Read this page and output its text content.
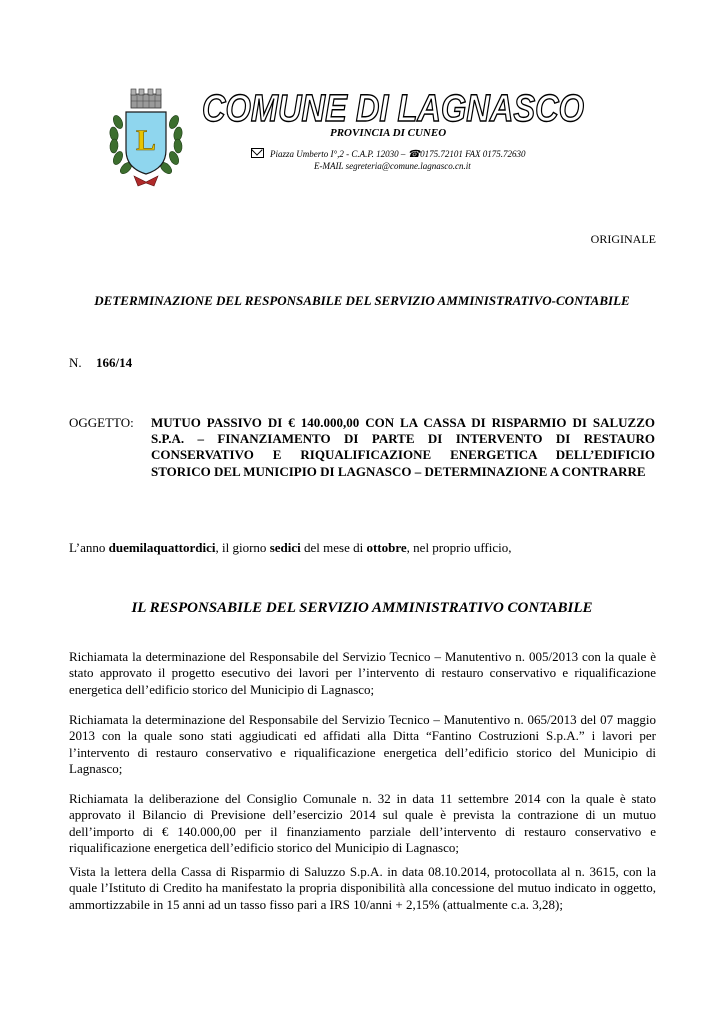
L
COMUNE DI LAGNASCO
PROVINCIA DI CUNEO
Piazza Umberto I°,2 - C.A.P. 12030 – ☎0175.72101 FAX 0175.72630
E-MAIL segreteria@comune.lagnasco.cn.it
ORIGINALE
DETERMINAZIONE DEL RESPONSABILE DEL SERVIZIO AMMINISTRATIVO-CONTABILE
N. 166/14
OGGETTO: MUTUO PASSIVO DI € 140.000,00 CON LA CASSA DI RISPARMIO DI SALUZZO S.P.A. – FINANZIAMENTO DI PARTE DI INTERVENTO DI RESTAURO CONSERVATIVO E RIQUALIFICAZIONE ENERGETICA DELL’EDIFICIO STORICO DEL MUNICIPIO DI LAGNASCO – DETERMINAZIONE A CONTRARRE
L’anno duemilaquattordici, il giorno sedici del mese di ottobre, nel proprio ufficio,
IL RESPONSABILE DEL SERVIZIO AMMINISTRATIVO CONTABILE
Richiamata la determinazione del Responsabile del Servizio Tecnico – Manutentivo n. 005/2013 con la quale è stato approvato il progetto esecutivo dei lavori per l’intervento di restauro conservativo e riqualificazione energetica dell’edificio storico del Municipio di Lagnasco;
Richiamata la determinazione del Responsabile del Servizio Tecnico – Manutentivo n. 065/2013 del 07 maggio 2013 con la quale sono stati aggiudicati ed affidati alla Ditta “Fantino Costruzioni S.p.A.” i lavori per l’intervento di restauro conservativo e riqualificazione energetica dell’edificio storico del Municipio di Lagnasco;
Richiamata la deliberazione del Consiglio Comunale n. 32 in data 11 settembre 2014 con la quale è stato approvato il Bilancio di Previsione dell’esercizio 2014 sul quale è prevista la contrazione di un mutuo dell’importo di € 140.000,00 per il finanziamento parziale dell’intervento di restauro conservativo e riqualificazione energetica dell’edificio storico del Municipio di Lagnasco;
Vista la lettera della Cassa di Risparmio di Saluzzo S.p.A. in data 08.10.2014, protocollata al n. 3615, con la quale l’Istituto di Credito ha manifestato la propria disponibilità alla concessione del mutuo indicato in oggetto, ammortizzabile in 15 anni ad un tasso fisso pari a IRS 10/anni + 2,15% (attualmente c.a. 3,28);
